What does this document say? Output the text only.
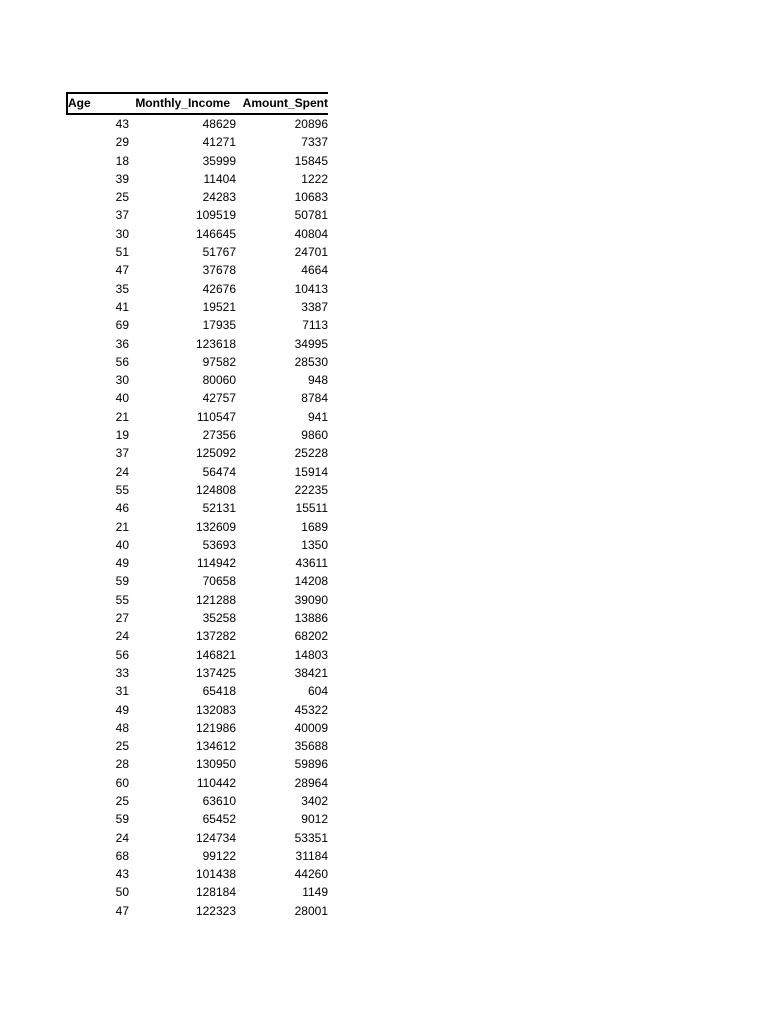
Age	Monthly_Income	Amount_Spent
43	48629	20896
29	41271	7337
18	35999	15845
39	11404	1222
25	24283	10683
37	109519	50781
30	146645	40804
51	51767	24701
47	37678	4664
35	42676	10413
41	19521	3387
69	17935	7113
36	123618	34995
56	97582	28530
30	80060	948
40	42757	8784
21	110547	941
19	27356	9860
37	125092	25228
24	56474	15914
55	124808	22235
46	52131	15511
21	132609	1689
40	53693	1350
49	114942	43611
59	70658	14208
55	121288	39090
27	35258	13886
24	137282	68202
56	146821	14803
33	137425	38421
31	65418	604
49	132083	45322
48	121986	40009
25	134612	35688
28	130950	59896
60	110442	28964
25	63610	3402
59	65452	9012
24	124734	53351
68	99122	31184
43	101438	44260
50	128184	1149
47	122323	28001
